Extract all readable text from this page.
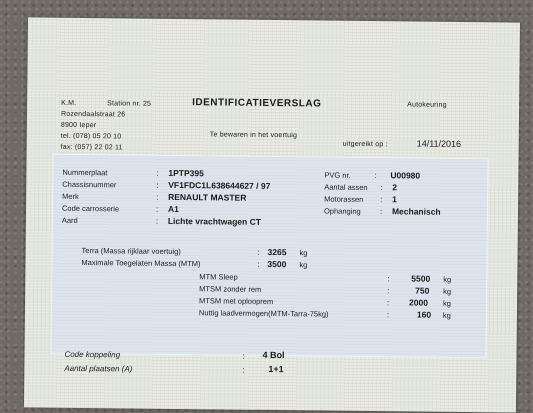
K.M.	Station nr. 25
Rozendaalstraat 26
8900 Ieper
tel. (078) 05 20 10
fax: (057) 22 02 11
IDENTIFICATIEVERSLAG
Te bewaren in het voertuig
Autokeuring
uitgereikt op :	14/11/2016
Nummerplaat	: 1PTP395
Chassisnummer	: VF1FDC1L638644627 / 97
Merk	: RENAULT MASTER
Code carrosserie	: A1
Aard	: Lichte vrachtwagen CT
PVG nr.	: U00980
Aantal assen : 2
Motorassen : 1
Ophanging : Mechanisch
Terra (Massa rijklaar voertuig)	: 3265 kg
Maximale Toegelaten Massa (MTM)	: 3500 kg
MTM Sleep	:	5500 kg
MTSM zonder rem	:	750 kg
MTSM met oplooprem	: 2000 kg
Nuttig laadvermogen(MTM-Tarra-75kg)	:	160 kg
Code koppeling	: 4 Bol
Aantal plaatsen (A)	:	1+1
